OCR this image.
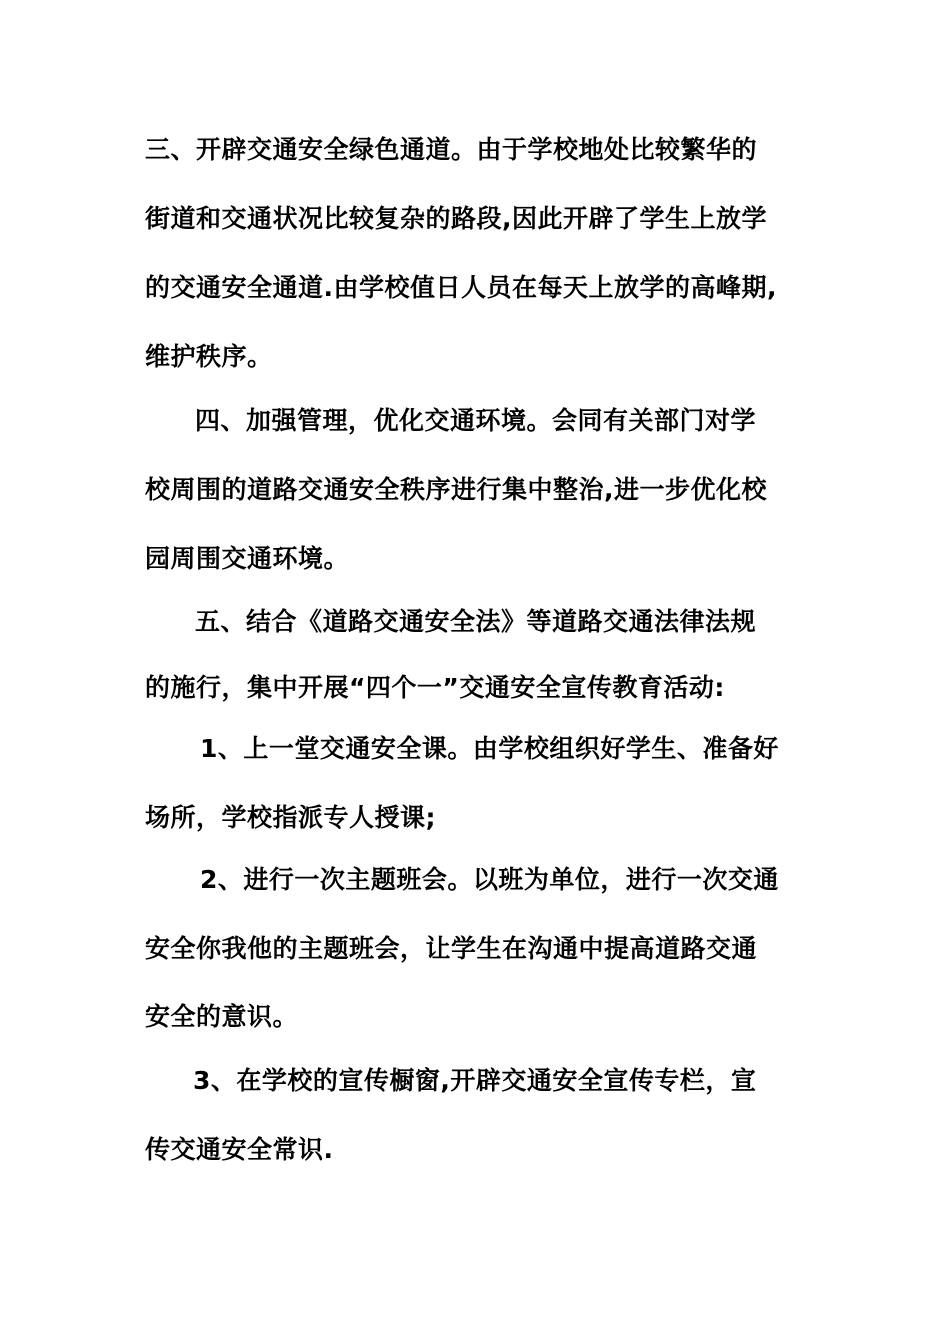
三、开辟交通安全绿色通道。由于学校地处比较繁华的
街道和交通状况比较复杂的路段,因此开辟了学生上放学
的交通安全通道.由学校值日人员在每天上放学的高峰期,
维护秩序。
四、加强管理，优化交通环境。会同有关部门对学
校周围的道路交通安全秩序进行集中整治,进一步优化校
园周围交通环境。
五、结合《道路交通安全法》等道路交通法律法规
的施行，集中开展“四个一”交通安全宣传教育活动:
1、上一堂交通安全课。由学校组织好学生、准备好
场所，学校指派专人授课;
2、进行一次主题班会。以班为单位，进行一次交通
安全你我他的主题班会，让学生在沟通中提高道路交通
安全的意识。
3、在学校的宣传橱窗,开辟交通安全宣传专栏，宣
传交通安全常识.
